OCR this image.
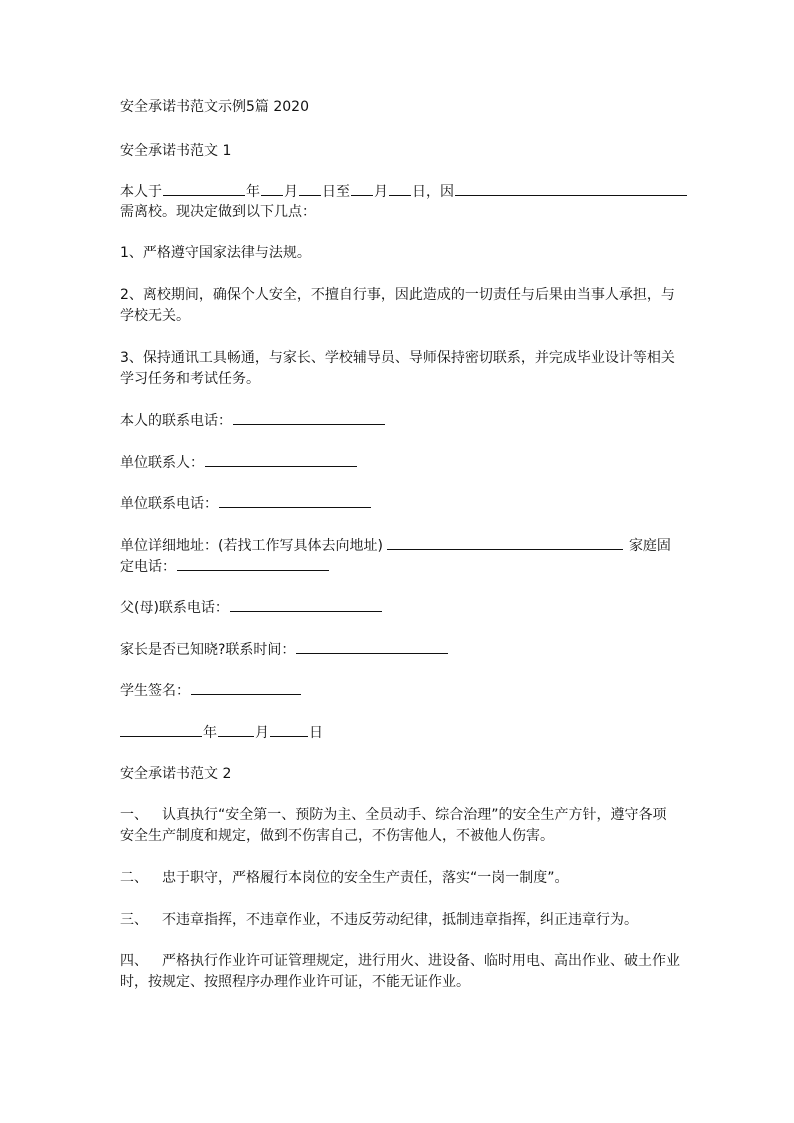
安全承诺书范文示例5篇 2020
安全承诺书范文 1
本人于	年 月 日至 月 日，因
需离校。现决定做到以下几点：
1、严格遵守国家法律与法规。
2、离校期间，确保个人安全，不擅自行事，因此造成的一切责任与后果由当事人承担，与
学校无关。
3、保持通讯工具畅通，与家长、学校辅导员、导师保持密切联系，并完成毕业设计等相关
学习任务和考试任务。
本人的联系电话：
单位联系人：
单位联系电话：
单位详细地址：(若找工作写具体去向地址)	家庭固
定电话：
父(母)联系电话：
家长是否已知晓?联系时间：
学生签名：
年	月	日
安全承诺书范文 2
一、 认真执行“安全第一、预防为主、全员动手、综合治理”的安全生产方针，遵守各项
安全生产制度和规定，做到不伤害自己，不伤害他人，不被他人伤害。
二、 忠于职守，严格履行本岗位的安全生产责任，落实“一岗一制度”。
三、 不违章指挥，不违章作业，不违反劳动纪律，抵制违章指挥，纠正违章行为。
四、 严格执行作业许可证管理规定，进行用火、进设备、临时用电、高出作业、破土作业
时，按规定、按照程序办理作业许可证，不能无证作业。
